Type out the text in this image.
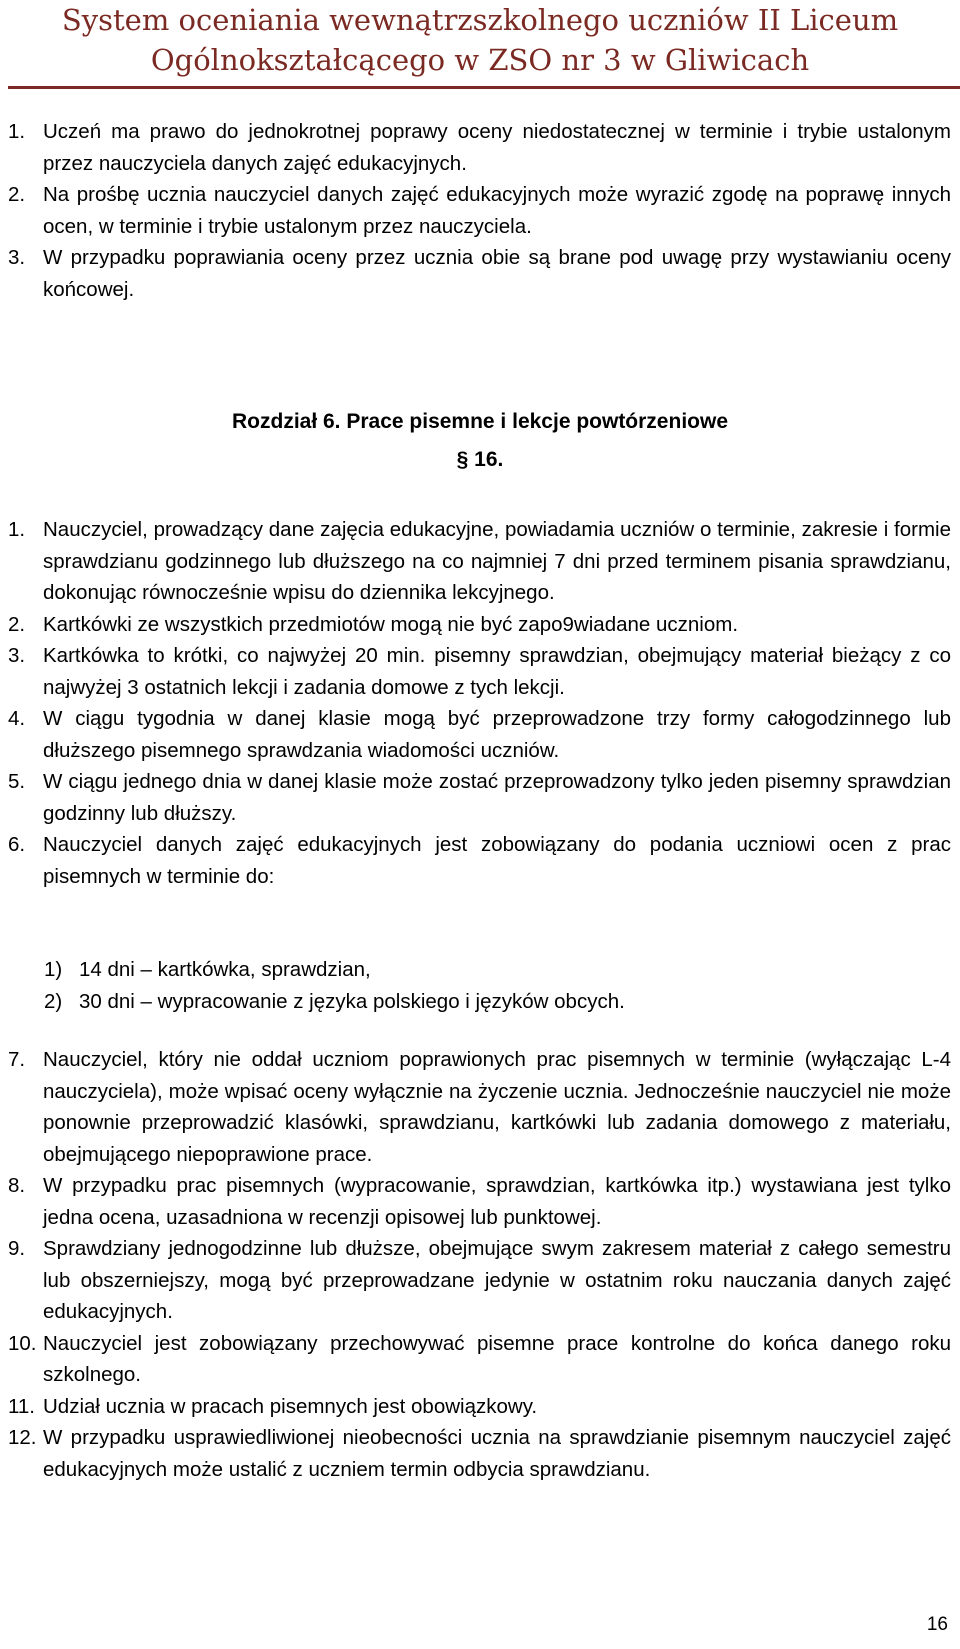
System oceniania wewnątrzszkolnego uczniów II Liceum
Ogólnokształcącego w ZSO nr 3 w Gliwicach
1. Uczeń ma prawo do jednokrotnej poprawy oceny niedostatecznej w terminie i trybie ustalonym przez nauczyciela danych zajęć edukacyjnych.
2. Na prośbę ucznia nauczyciel danych zajęć edukacyjnych może wyrazić zgodę na poprawę innych ocen, w terminie i trybie ustalonym przez nauczyciela.
3. W przypadku poprawiania oceny przez ucznia obie są brane pod uwagę przy wystawianiu oceny końcowej.
Rozdział 6. Prace pisemne i lekcje powtórzeniowe
§ 16.
1. Nauczyciel, prowadzący dane zajęcia edukacyjne, powiadamia uczniów o terminie, zakresie i formie sprawdzianu godzinnego lub dłuższego na co najmniej 7 dni przed terminem pisania sprawdzianu, dokonując równocześnie wpisu do dziennika lekcyjnego.
2. Kartkówki ze wszystkich przedmiotów mogą nie być zapo9wiadane uczniom.
3. Kartkówka to krótki, co najwyżej 20 min. pisemny sprawdzian, obejmujący materiał bieżący z co najwyżej 3 ostatnich lekcji i zadania domowe z tych lekcji.
4. W ciągu tygodnia w danej klasie mogą być przeprowadzone trzy formy całogodzinnego lub dłuższego pisemnego sprawdzania wiadomości uczniów.
5. W ciągu jednego dnia w danej klasie może zostać przeprowadzony tylko jeden pisemny sprawdzian godzinny lub dłuższy.
6. Nauczyciel danych zajęć edukacyjnych jest zobowiązany do podania uczniowi ocen z prac pisemnych w terminie do:
1) 14 dni – kartkówka, sprawdzian,
2) 30 dni – wypracowanie z języka polskiego i języków obcych.
7. Nauczyciel, który nie oddał uczniom poprawionych prac pisemnych w terminie (wyłączając L-4 nauczyciela), może wpisać oceny wyłącznie na życzenie ucznia. Jednocześnie nauczyciel nie może ponownie przeprowadzić klasówki, sprawdzianu, kartkówki lub zadania domowego z materiału, obejmującego niepoprawione prace.
8. W przypadku prac pisemnych (wypracowanie, sprawdzian, kartkówka itp.) wystawiana jest tylko jedna ocena, uzasadniona w recenzji opisowej lub punktowej.
9. Sprawdziany jednogodzinne lub dłuższe, obejmujące swym zakresem materiał z całego semestru lub obszerniejszy, mogą być przeprowadzane jedynie w ostatnim roku nauczania danych zajęć edukacyjnych.
10. Nauczyciel jest zobowiązany przechowywać pisemne prace kontrolne do końca danego roku szkolnego.
11. Udział ucznia w pracach pisemnych jest obowiązkowy.
12. W przypadku usprawiedliwionej nieobecności ucznia na sprawdzianie pisemnym nauczyciel zajęć edukacyjnych może ustalić z uczniem termin odbycia sprawdzianu.
16
